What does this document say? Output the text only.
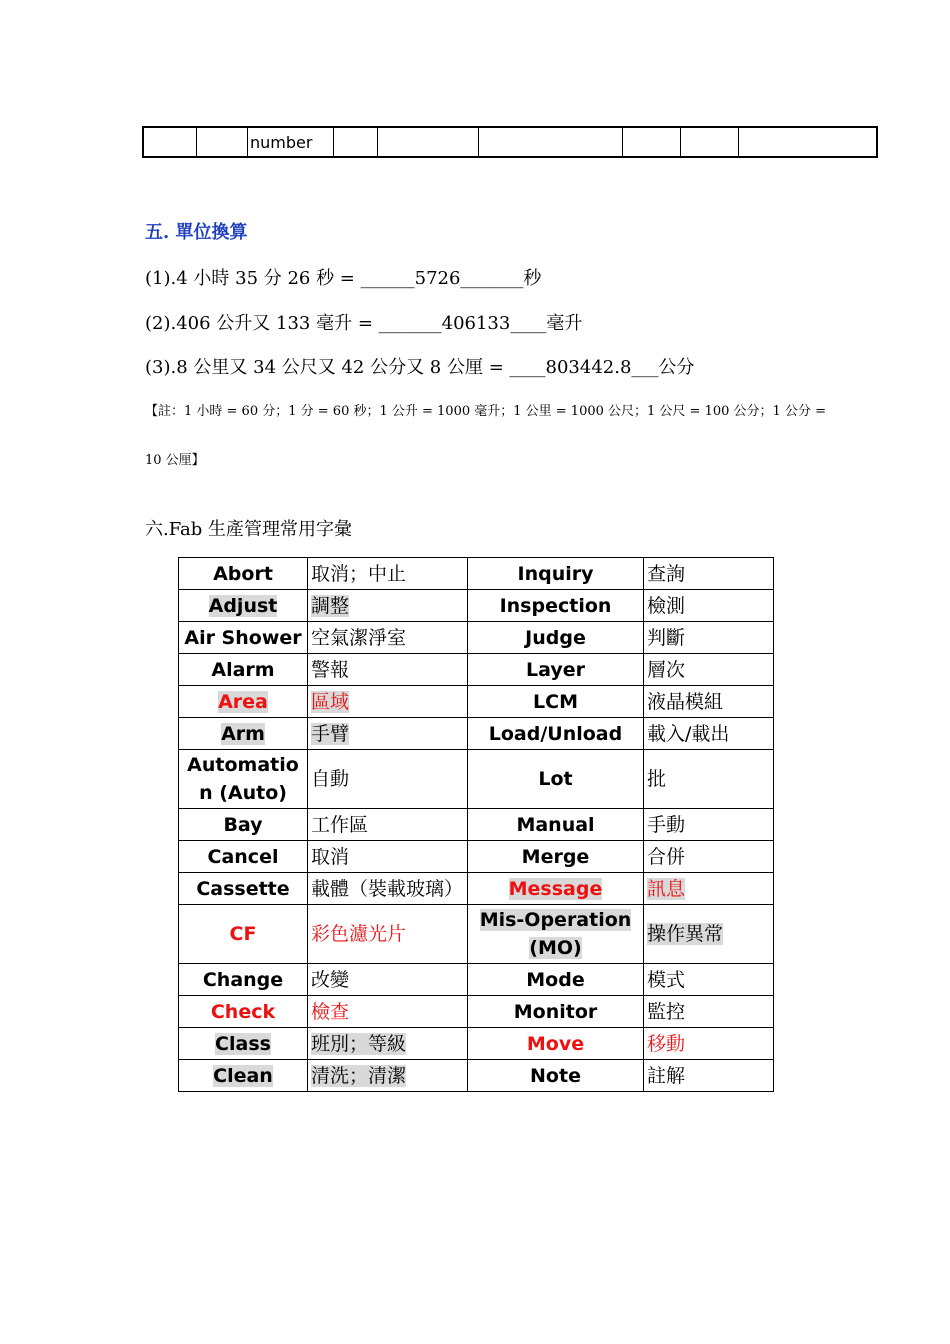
		number						
五. 單位換算
(1).4 小時 35 分 26 秒 = ______5726_______秒
(2).406 公升又 133 毫升 = _______406133____毫升
(3).8 公里又 34 公尺又 42 公分又 8 公厘 = ____803442.8___公分
【註：1 小時 = 60 分；1 分 = 60 秒；1 公升 = 1000 毫升；1 公里 = 1000 公尺；1 公尺 = 100 公分；1 公分 =
10 公厘】
六.Fab 生產管理常用字彙
Abort	取消；中止	Inquiry	查詢
Adjust	調整	Inspection	檢測
Air Shower	空氣潔淨室	Judge	判斷
Alarm	警報	Layer	層次
Area	區域	LCM	液晶模組
Arm	手臂	Load/Unload	載入/載出
Automation (Auto)	自動	Lot	批
Bay	工作區	Manual	手動
Cancel	取消	Merge	合併
Cassette	載體（裝載玻璃）	Message	訊息
CF	彩色濾光片	Mis-Operation (MO)	操作異常
Change	改變	Mode	模式
Check	檢查	Monitor	監控
Class	班別；等級	Move	移動
Clean	清洗；清潔	Note	註解
